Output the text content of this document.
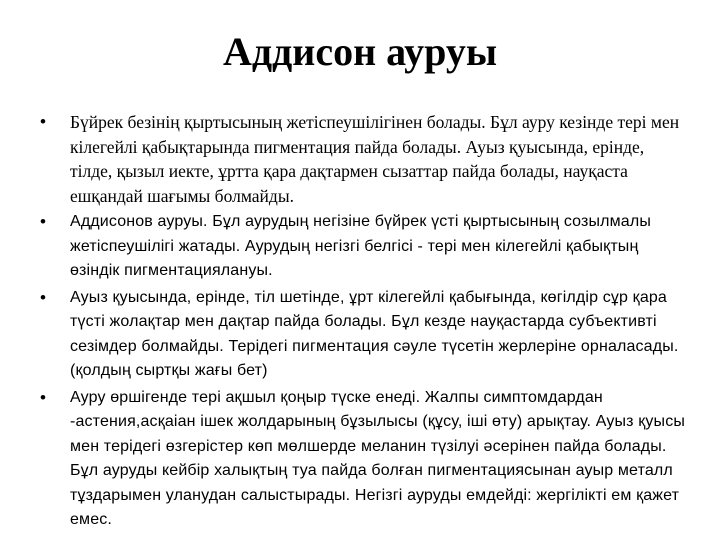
Аддисон ауруы
• Бүйрек безінің қыртысының жетіспеушілігінен болады. Бұл ауру кезінде тері мен кілегейлі қабықтарында пигментация пайда болады. Ауыз қуысында, ерінде, тілде, қызыл иекте, ұртта қара дақтармен сызаттар пайда болады, науқаста ешқандай шағымы болмайды.
• Аддисонов ауруы. Бұл аурудың негізіне бүйрек үсті қыртысының созылмалы жетіспеушілігі жатады. Аурудың негізгі белгісі - тері мен кілегейлі қабықтың өзіндік пигментациялануы.
• Ауыз қуысында, ерінде, тіл шетінде, ұрт кілегейлі қабығында, көгілдір сұр қара түсті жолақтар мен дақтар пайда болады. Бұл кезде науқастарда субъективті сезімдер болмайды. Терідегі пигментация сәуле түсетін жерлеріне орналасады. (қолдың сыртқы жағы бет)
• Ауру өршігенде тері ақшыл қоңыр түске енеді. Жалпы симптомдардан -астения,асқаіан ішек жолдарының бұзылысы (құсу, іші өту) арықтау. Ауыз қуысы мен терідегі өзгерістер көп мөлшерде меланин түзілуі әсерінен пайда болады. Бұл ауруды кейбір халықтың туа пайда болған пигментациясынан ауыр металл тұздарымен уланудан салыстырады. Негізгі ауруды емдейді: жергілікті ем қажет емес.
